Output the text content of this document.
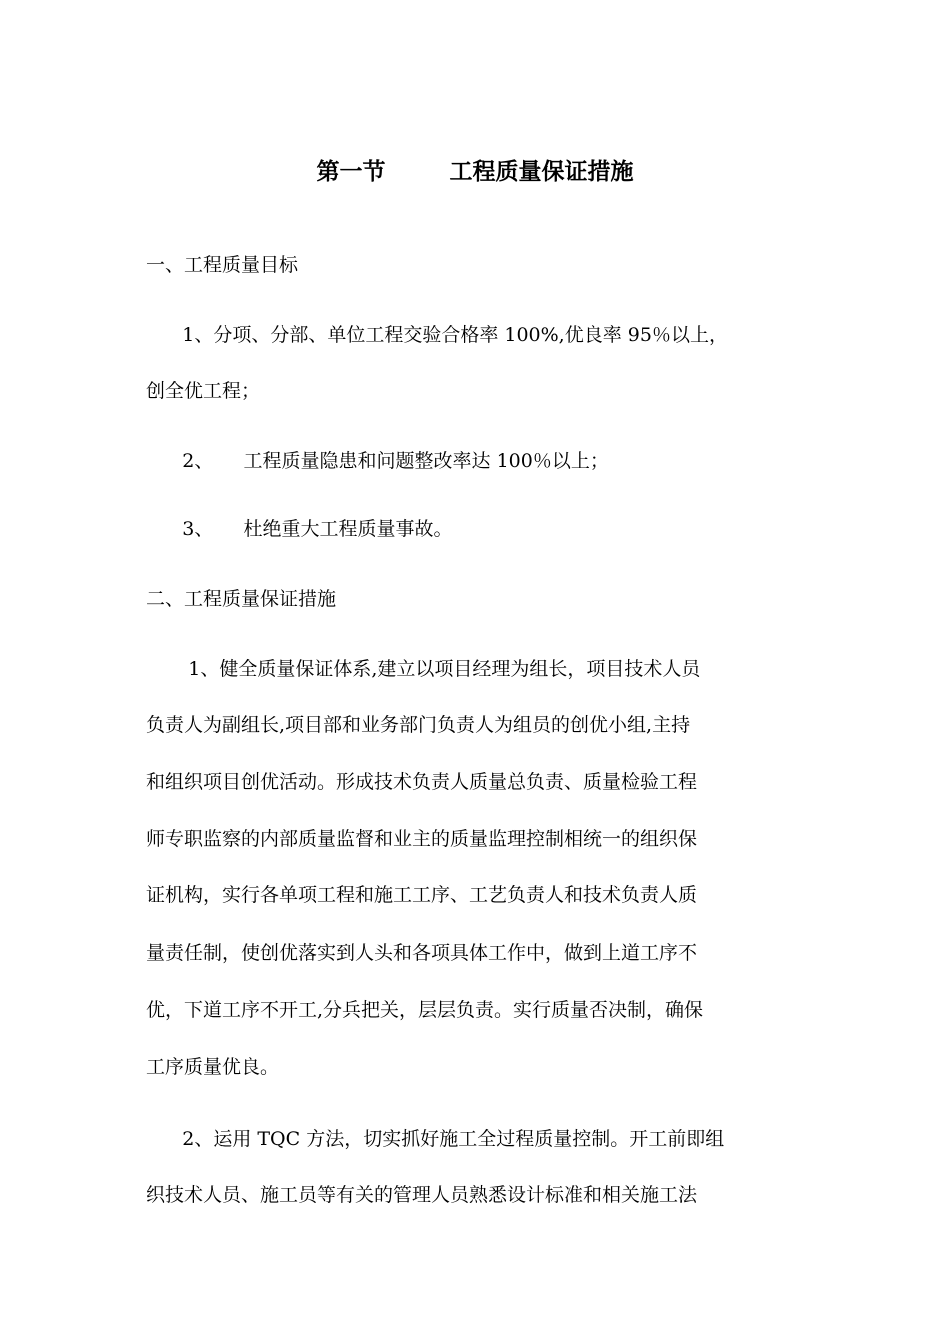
第一节        工程质量保证措施
一、工程质量目标
1、分项、分部、单位工程交验合格率 100%,优良率 95％以上，
创全优工程；
2、     工程质量隐患和问题整改率达 100％以上；
3、     杜绝重大工程质量事故。
二、工程质量保证措施
1、健全质量保证体系,建立以项目经理为组长，项目技术人员
负责人为副组长,项目部和业务部门负责人为组员的创优小组,主持
和组织项目创优活动。形成技术负责人质量总负责、质量检验工程
师专职监察的内部质量监督和业主的质量监理控制相统一的组织保
证机构，实行各单项工程和施工工序、工艺负责人和技术负责人质
量责任制，使创优落实到人头和各项具体工作中，做到上道工序不
优，下道工序不开工,分兵把关，层层负责。实行质量否决制，确保
工序质量优良。
2、运用 TQC 方法，切实抓好施工全过程质量控制。开工前即组
织技术人员、施工员等有关的管理人员熟悉设计标准和相关施工法
